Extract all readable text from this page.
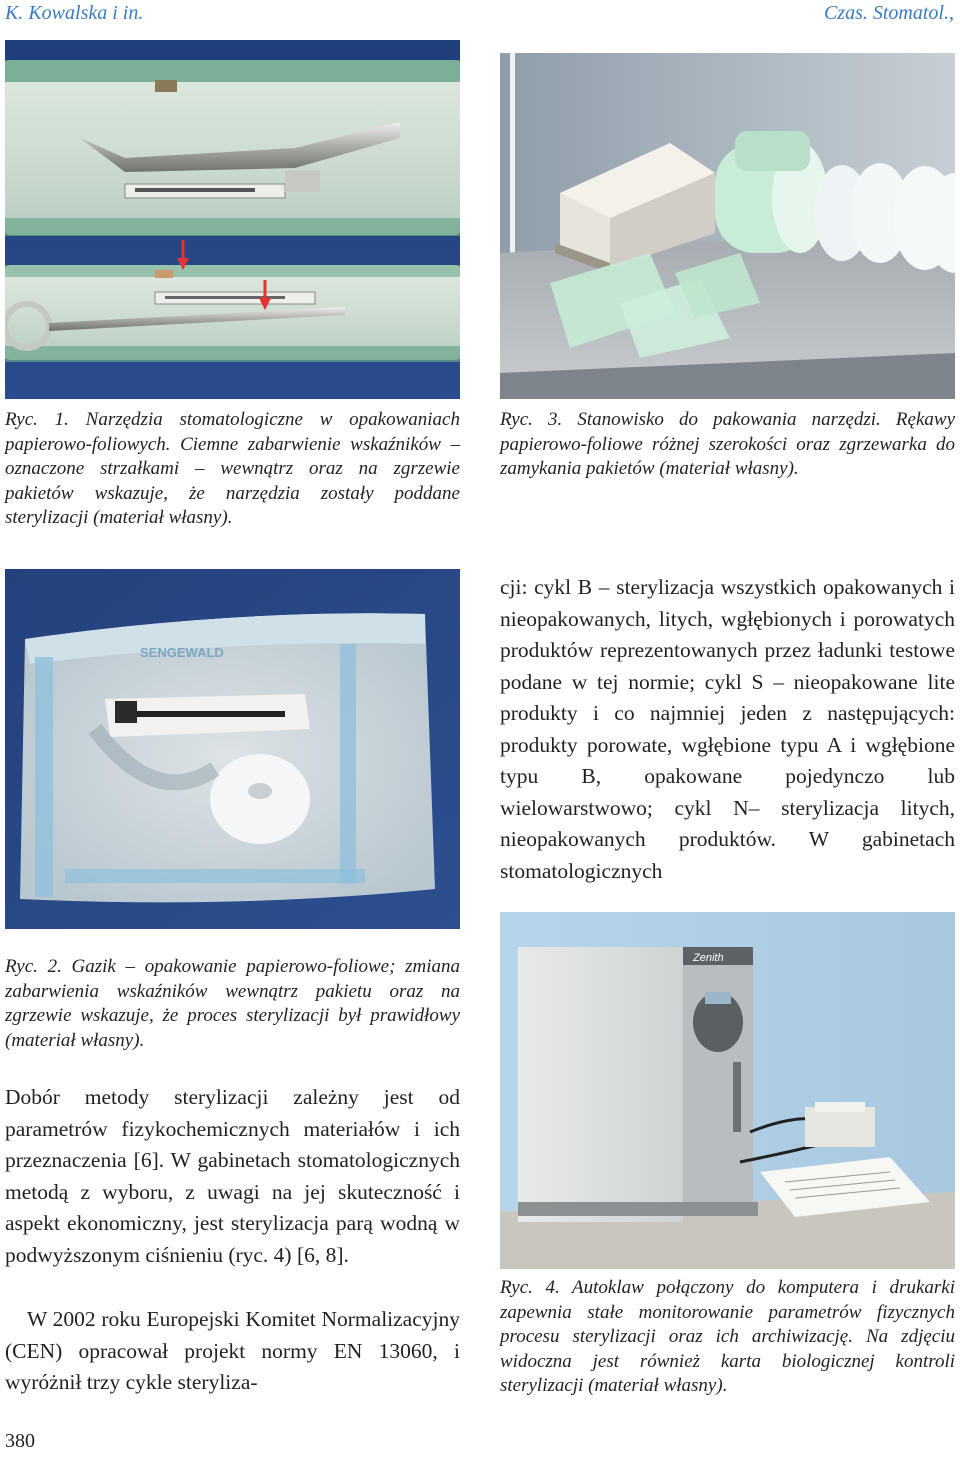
K. Kowalska i in.	Czas. Stomatol.,
Ryc. 1. Narzędzia stomatologiczne w opakowaniach papierowo-foliowych. Ciemne zabarwienie wskaźników – oznaczone strzałkami – wewnątrz oraz na zgrzewie pakietów wskazuje, że narzędzia zostały poddane sterylizacji (materiał własny).
Ryc. 3. Stanowisko do pakowania narzędzi. Rękawy papierowo-foliowe różnej szerokości oraz zgrzewarka do zamykania pakietów (materiał własny).
SENGEWALD
cji: cykl B – sterylizacja wszystkich opakowanych i nieopakowanych, litych, wgłębionych i porowatych produktów reprezentowanych przez ładunki testowe podane w tej normie; cykl S – nieopakowane lite produkty i co najmniej jeden z następujących: produkty porowate, wgłębione typu A i wgłębione typu B, opakowane pojedynczo lub wielowarstwowo; cykl N– sterylizacja litych, nieopakowanych produktów. W gabinetach stomatologicznych
Ryc. 2. Gazik – opakowanie papierowo-foliowe; zmiana zabarwienia wskaźników wewnątrz pakietu oraz na zgrzewie wskazuje, że proces sterylizacji był prawidłowy (materiał własny).
Zenith
Dobór metody sterylizacji zależny jest od parametrów fizykochemicznych materiałów i ich przeznaczenia [6]. W gabinetach stomatologicznych metodą z wyboru, z uwagi na jej skuteczność i aspekt ekonomiczny, jest sterylizacja parą wodną w podwyższonym ciśnieniu (ryc. 4) [6, 8].
W 2002 roku Europejski Komitet Normalizacyjny (CEN) opracował projekt normy EN 13060, i wyróżnił trzy cykle steryliza-
Ryc. 4. Autoklaw połączony do komputera i drukarki zapewnia stałe monitorowanie parametrów fizycznych procesu sterylizacji oraz ich archiwizację. Na zdjęciu widoczna jest również karta biologicznej kontroli sterylizacji (materiał własny).
380
